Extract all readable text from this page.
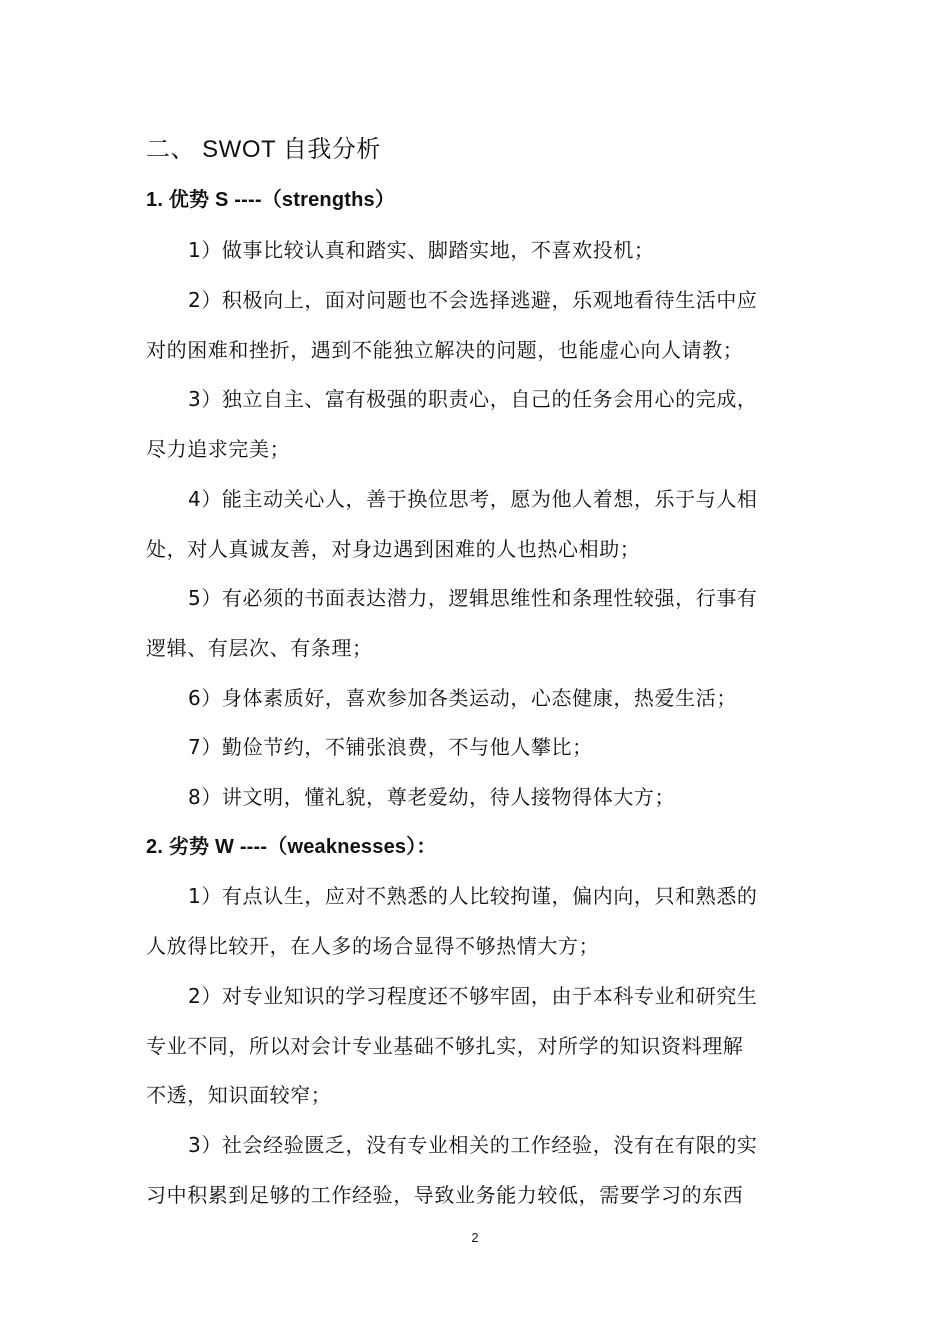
二、 SWOT 自我分析
1. 优势 S ----（strengths）
1）做事比较认真和踏实、脚踏实地，不喜欢投机；
2）积极向上，面对问题也不会选择逃避，乐观地看待生活中应
对的困难和挫折，遇到不能独立解决的问题，也能虚心向人请教；
3）独立自主、富有极强的职责心，自己的任务会用心的完成，
尽力追求完美；
4）能主动关心人，善于换位思考，愿为他人着想，乐于与人相
处，对人真诚友善，对身边遇到困难的人也热心相助；
5）有必须的书面表达潜力，逻辑思维性和条理性较强，行事有
逻辑、有层次、有条理；
6）身体素质好，喜欢参加各类运动，心态健康，热爱生活；
7）勤俭节约，不铺张浪费，不与他人攀比；
8）讲文明，懂礼貌，尊老爱幼，待人接物得体大方；
2. 劣势 W ----（weaknesses）：
1）有点认生，应对不熟悉的人比较拘谨，偏内向，只和熟悉的
人放得比较开，在人多的场合显得不够热情大方；
2）对专业知识的学习程度还不够牢固，由于本科专业和研究生
专业不同，所以对会计专业基础不够扎实，对所学的知识资料理解
不透，知识面较窄；
3）社会经验匮乏，没有专业相关的工作经验，没有在有限的实
习中积累到足够的工作经验，导致业务能力较低，需要学习的东西
2
